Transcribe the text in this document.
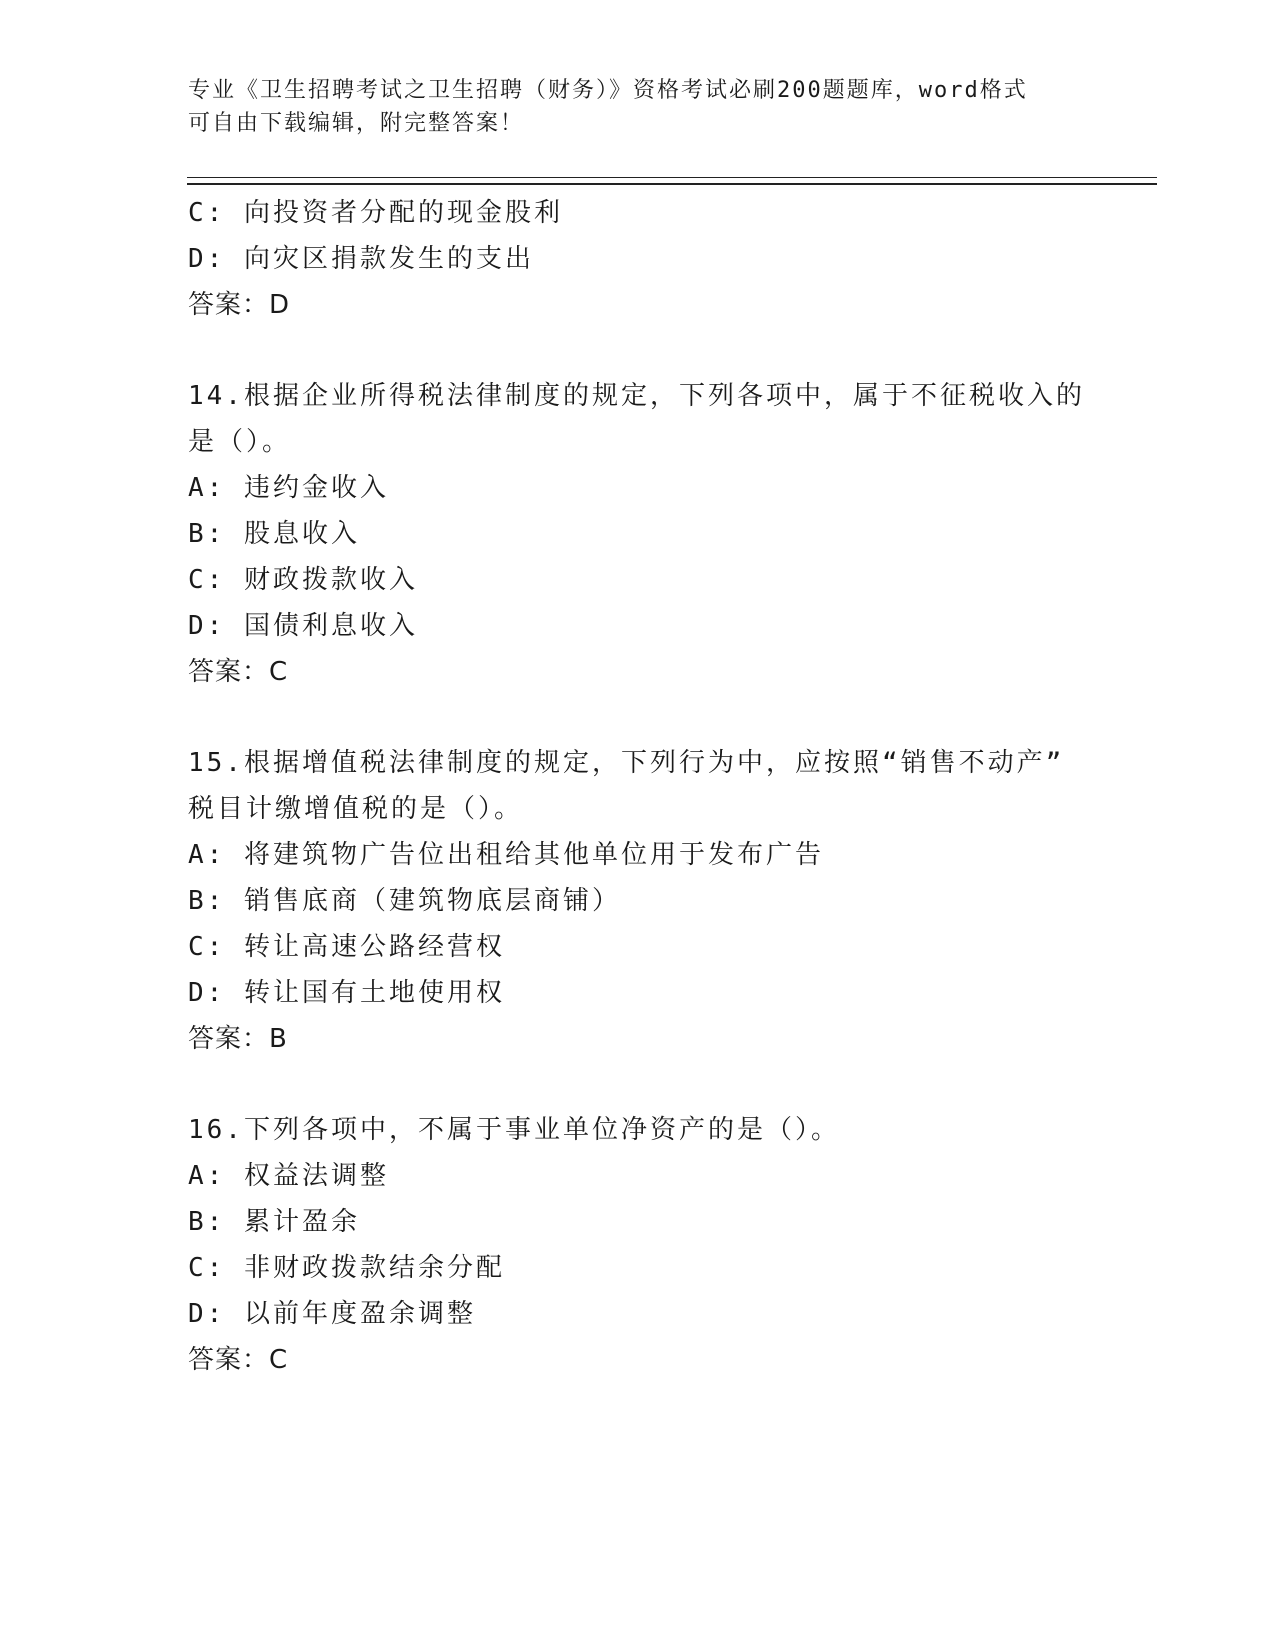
专业《卫生招聘考试之卫生招聘（财务）》资格考试必刷200题题库，word格式
可自由下载编辑，附完整答案！
C: 向投资者分配的现金股利
D: 向灾区捐款发生的支出
答案：D
14.根据企业所得税法律制度的规定，下列各项中，属于不征税收入的
是（）。
A: 违约金收入
B: 股息收入
C: 财政拨款收入
D: 国债利息收入
答案：C
15.根据增值税法律制度的规定，下列行为中，应按照“销售不动产”
税目计缴增值税的是（）。
A: 将建筑物广告位出租给其他单位用于发布广告
B: 销售底商（建筑物底层商铺）
C: 转让高速公路经营权
D: 转让国有土地使用权
答案：B
16.下列各项中，不属于事业单位净资产的是（）。
A: 权益法调整
B: 累计盈余
C: 非财政拨款结余分配
D: 以前年度盈余调整
答案：C
